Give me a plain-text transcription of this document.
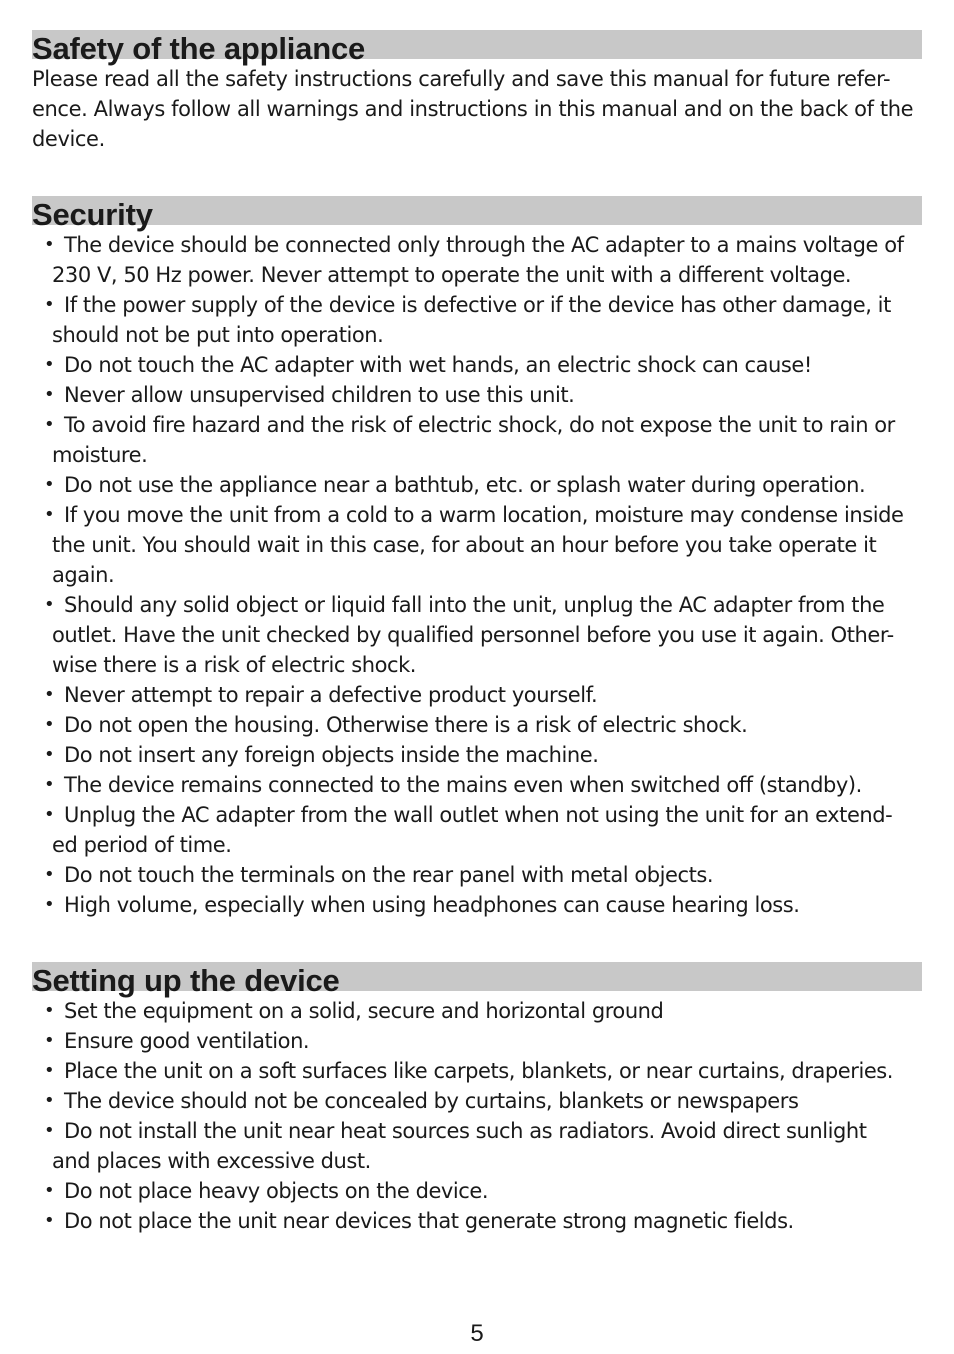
Safety of the appliance

Please read all the safety instructions carefully and save this manual for future refer-
ence. Always follow all warnings and instructions in this manual and on the back of the
device.

Security
• The device should be connected only through the AC adapter to a mains voltage of
230 V, 50 Hz power. Never attempt to operate the unit with a different voltage.
• If the power supply of the device is defective or if the device has other damage, it
should not be put into operation.
• Do not touch the AC adapter with wet hands, an electric shock can cause!
• Never allow unsupervised children to use this unit.
• To avoid fire hazard and the risk of electric shock, do not expose the unit to rain or
moisture.
• Do not use the appliance near a bathtub, etc. or splash water during operation.
• If you move the unit from a cold to a warm location, moisture may condense inside
the unit. You should wait in this case, for about an hour before you take operate it
again.
• Should any solid object or liquid fall into the unit, unplug the AC adapter from the
outlet. Have the unit checked by qualified personnel before you use it again. Other-
wise there is a risk of electric shock.
• Never attempt to repair a defective product yourself.
• Do not open the housing. Otherwise there is a risk of electric shock.
• Do not insert any foreign objects inside the machine.
• The device remains connected to the mains even when switched off (standby).
• Unplug the AC adapter from the wall outlet when not using the unit for an extend-
ed period of time.
• Do not touch the terminals on the rear panel with metal objects.
• High volume, especially when using headphones can cause hearing loss.
Setting up the device
• Set the equipment on a solid, secure and horizontal ground
• Ensure good ventilation.
• Place the unit on a soft surfaces like carpets, blankets, or near curtains, draperies.
• The device should not be concealed by curtains, blankets or newspapers
• Do not install the unit near heat sources such as radiators. Avoid direct sunlight
and places with excessive dust.
• Do not place heavy objects on the device.
• Do not place the unit near devices that generate strong magnetic fields.
5
